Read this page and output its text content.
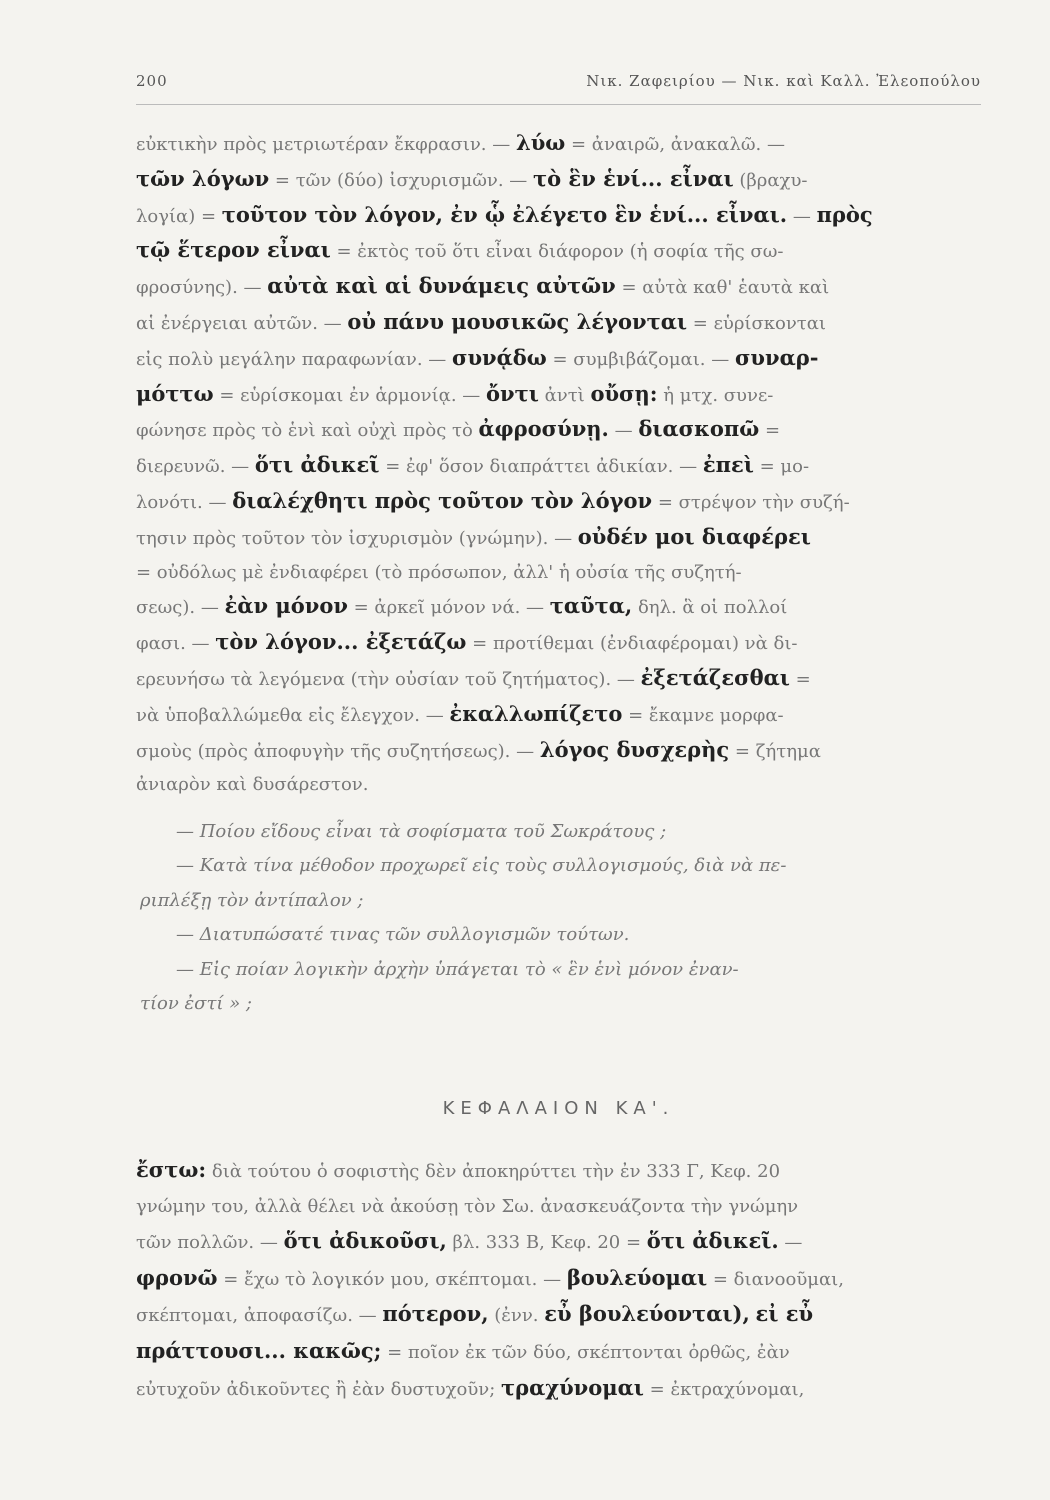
200	Νικ. Ζαφειρίου — Νικ. καὶ Καλλ. Ἐλεοπούλου
εὐκτικὴν πρὸς μετριωτέραν ἔκφρασιν. — λύω = ἀναιρῶ, ἀνακαλῶ. —
τῶν λόγων = τῶν (δύο) ἰσχυρισμῶν. — τὸ ἓν ἑνί... εἶναι (βραχυ-
λογία) = τοῦτον τὸν λόγον, ἐν ᾧ ἐλέγετο ἓν ἑνί... εἶναι. — πρὸς
τῷ ἕτερον εἶναι = ἐκτὸς τοῦ ὅτι εἶναι διάφορον (ἡ σοφία τῆς σω-
φροσύνης). — αὐτὰ καὶ αἱ δυνάμεις αὐτῶν = αὐτὰ καθ' ἑαυτὰ καὶ
αἱ ἐνέργειαι αὐτῶν. — οὐ πάνυ μουσικῶς λέγονται = εὑρίσκονται
εἰς πολὺ μεγάλην παραφωνίαν. — συνᾴδω = συμβιβάζομαι. — συναρ-
μόττω = εὑρίσκομαι ἐν ἁρμονίᾳ. — ὄντι ἀντὶ οὔσῃ: ἡ μτχ. συνε-
φώνησε πρὸς τὸ ἑνὶ καὶ οὐχὶ πρὸς τὸ ἀφροσύνῃ. — διασκοπῶ =
διερευνῶ. — ὅτι ἀδικεῖ = ἐφ' ὅσον διαπράττει ἀδικίαν. — ἐπεὶ = μο-
λονότι. — διαλέχθητι πρὸς τοῦτον τὸν λόγον = στρέψον τὴν συζή-
τησιν πρὸς τοῦτον τὸν ἰσχυρισμὸν (γνώμην). — οὐδέν μοι διαφέρει
= οὐδόλως μὲ ἐνδιαφέρει (τὸ πρόσωπον, ἀλλ' ἡ οὐσία τῆς συζητή-
σεως). — ἐὰν μόνον = ἀρκεῖ μόνον νά. — ταῦτα, δηλ. ἃ οἱ πολλοί
φασι. — τὸν λόγον... ἐξετάζω = προτίθεμαι (ἐνδιαφέρομαι) νὰ δι-
ερευνήσω τὰ λεγόμενα (τὴν οὐσίαν τοῦ ζητήματος). — ἐξετάζεσθαι =
νὰ ὑποβαλλώμεθα εἰς ἔλεγχον. — ἐκαλλωπίζετο = ἔκαμνε μορφα-
σμοὺς (πρὸς ἀποφυγὴν τῆς συζητήσεως). — λόγος δυσχερὴς = ζήτημα
ἀνιαρὸν καὶ δυσάρεστον.
— Ποίου εἴδους εἶναι τὰ σοφίσματα τοῦ Σωκράτους ;
— Κατὰ τίνα μέθοδον προχωρεῖ εἰς τοὺς συλλογισμούς, διὰ νὰ πε-
ριπλέξῃ τὸν ἀντίπαλον ;
— Διατυπώσατέ τινας τῶν συλλογισμῶν τούτων.
— Εἰς ποίαν λογικὴν ἀρχὴν ὑπάγεται τὸ « ἓν ἑνὶ μόνον ἐναν-
τίον ἐστί » ;
ΚΕΦΑΛΑΙΟΝ ΚΑ'.
ἔστω: διὰ τούτου ὁ σοφιστὴς δὲν ἀποκηρύττει τὴν ἐν 333 Γ, Κεφ. 20
γνώμην του, ἀλλὰ θέλει νὰ ἀκούσῃ τὸν Σω. ἀνασκευάζοντα τὴν γνώμην
τῶν πολλῶν. — ὅτι ἀδικοῦσι, βλ. 333 Β, Κεφ. 20 = ὅτι ἀδικεῖ. —
φρονῶ = ἔχω τὸ λογικόν μου, σκέπτομαι. — βουλεύομαι = διανοοῦμαι,
σκέπτομαι, ἀποφασίζω. — πότερον, (ἐνν. εὖ βουλεύονται), εἰ εὖ
πράττουσι... κακῶς; = ποῖον ἐκ τῶν δύο, σκέπτονται ὀρθῶς, ἐὰν
εὐτυχοῦν ἀδικοῦντες ἢ ἐὰν δυστυχοῦν; τραχύνομαι = ἐκτραχύνομαι,
